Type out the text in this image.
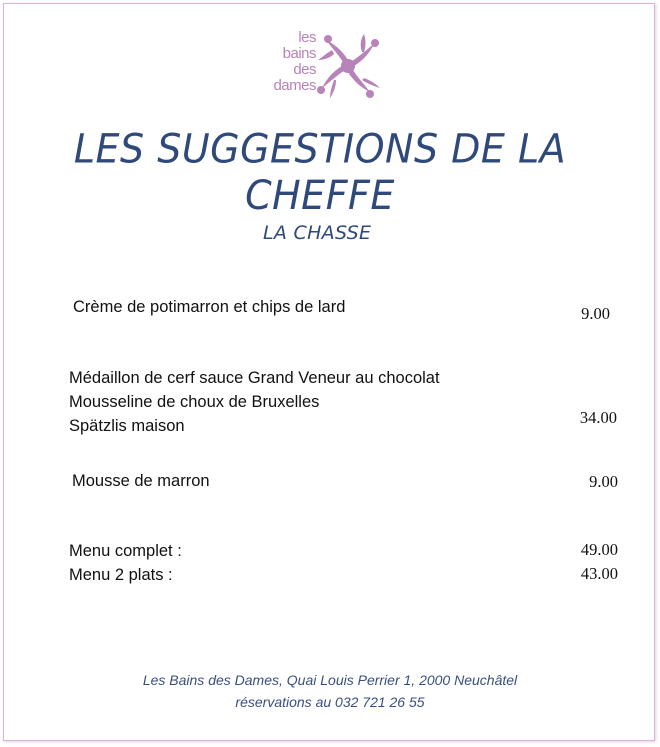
les
bains
des
dames
LES SUGGESTIONS DE LA CHEFFE
LA CHASSE
Crème de potimarron et chips de lard	9.00
Médaillon de cerf sauce Grand Veneur au chocolat
Mousseline de choux de Bruxelles
Spätzlis maison	34.00
Mousse de marron	9.00
Menu complet :	49.00
Menu 2 plats :	43.00
Les Bains des Dames, Quai Louis Perrier 1, 2000 Neuchâtel
réservations au 032 721 26 55
